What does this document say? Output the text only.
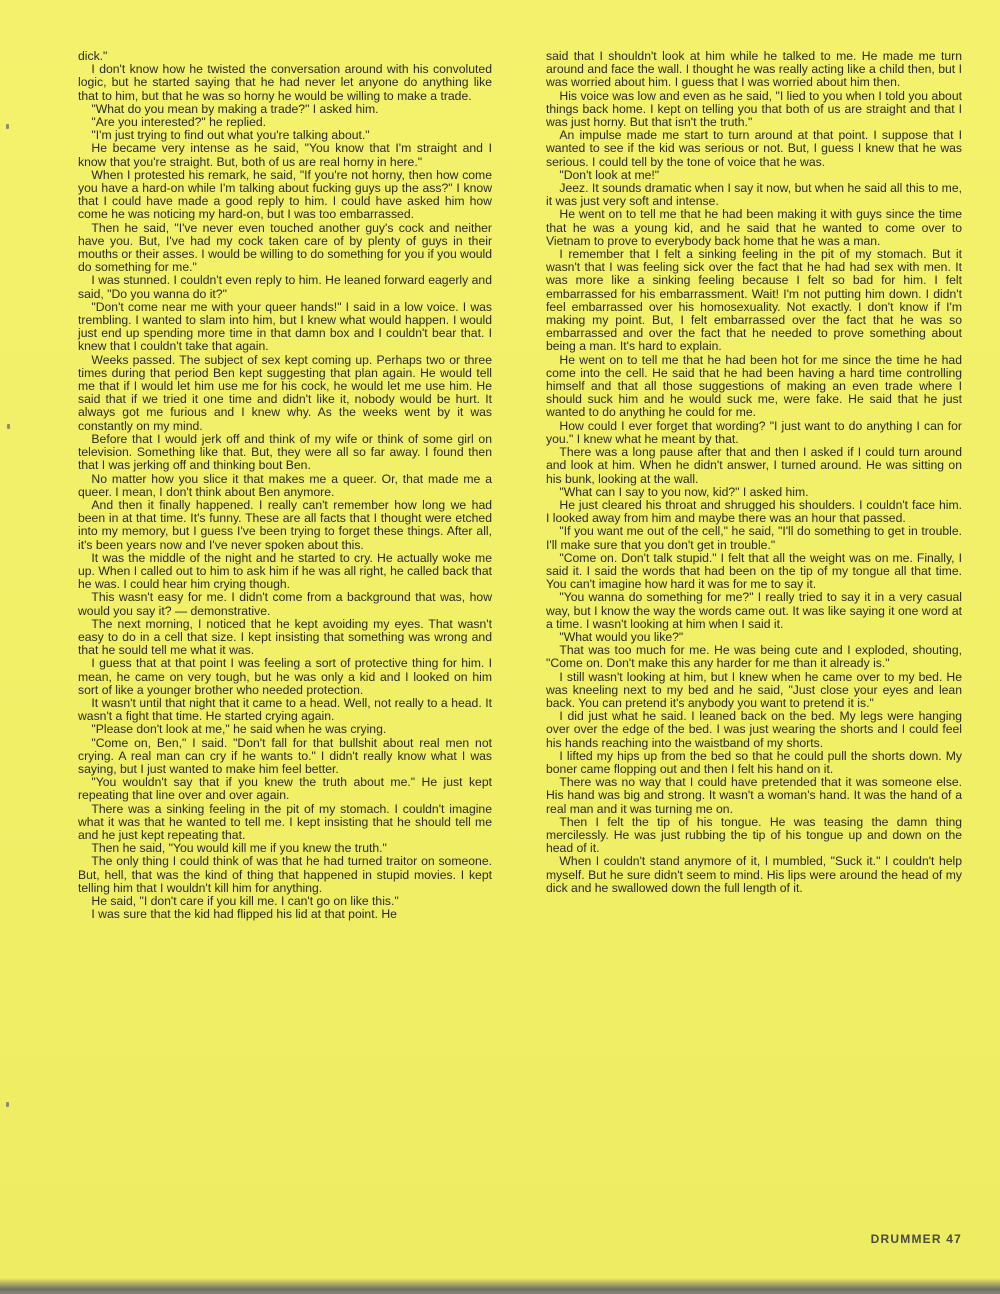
dick."

I don't know how he twisted the conversation around with his convoluted logic, but he started saying that he had never let anyone do anything like that to him, but that he was so horny he would be willing to make a trade.

"What do you mean by making a trade?" I asked him.

"Are you interested?" he replied.

"I'm just trying to find out what you're talking about."

He became very intense as he said, "You know that I'm straight and I know that you're straight. But, both of us are real horny in here."

When I protested his remark, he said, "If you're not horny, then how come you have a hard-on while I'm talking about fucking guys up the ass?" I know that I could have made a good reply to him. I could have asked him how come he was noticing my hard-on, but I was too embarrassed.

Then he said, "I've never even touched another guy's cock and neither have you. But, I've had my cock taken care of by plenty of guys in their mouths or their asses. I would be willing to do something for you if you would do something for me."

I was stunned. I couldn't even reply to him. He leaned forward eagerly and said, "Do you wanna do it?"

"Don't come near me with your queer hands!" I said in a low voice. I was trembling. I wanted to slam into him, but I knew what would happen. I would just end up spending more time in that damn box and I couldn't bear that. I knew that I couldn't take that again.

Weeks passed. The subject of sex kept coming up. Perhaps two or three times during that period Ben kept suggesting that plan again. He would tell me that if I would let him use me for his cock, he would let me use him. He said that if we tried it one time and didn't like it, nobody would be hurt. It always got me furious and I knew why. As the weeks went by it was constantly on my mind.

Before that I would jerk off and think of my wife or think of some girl on television. Something like that. But, they were all so far away. I found then that I was jerking off and thinking bout Ben.

No matter how you slice it that makes me a queer. Or, that made me a queer. I mean, I don't think about Ben anymore.

And then it finally happened. I really can't remember how long we had been in at that time. It's funny. These are all facts that I thought were etched into my memory, but I guess I've been trying to forget these things. After all, it's been years now and I've never spoken about this.

It was the middle of the night and he started to cry. He actually woke me up. When I called out to him to ask him if he was all right, he called back that he was. I could hear him crying though.

This wasn't easy for me. I didn't come from a background that was, how would you say it? — demonstrative.

The next morning, I noticed that he kept avoiding my eyes. That wasn't easy to do in a cell that size. I kept insisting that something was wrong and that he sould tell me what it was.

I guess that at that point I was feeling a sort of protective thing for him. I mean, he came on very tough, but he was only a kid and I looked on him sort of like a younger brother who needed protection.

It wasn't until that night that it came to a head. Well, not really to a head. It wasn't a fight that time. He started crying again.

"Please don't look at me," he said when he was crying.

"Come on, Ben," I said. "Don't fall for that bullshit about real men not crying. A real man can cry if he wants to." I didn't really know what I was saying, but I just wanted to make him feel better.

"You wouldn't say that if you knew the truth about me." He just kept repeating that line over and over again.

There was a sinking feeling in the pit of my stomach. I couldn't imagine what it was that he wanted to tell me. I kept insisting that he should tell me and he just kept repeating that.

Then he said, "You would kill me if you knew the truth."

The only thing I could think of was that he had turned traitor on someone. But, hell, that was the kind of thing that happened in stupid movies. I kept telling him that I wouldn't kill him for anything.

He said, "I don't care if you kill me. I can't go on like this."

I was sure that the kid had flipped his lid at that point. He

said that I shouldn't look at him while he talked to me. He made me turn around and face the wall. I thought he was really acting like a child then, but I was worried about him. I guess that I was worried about him then.

His voice was low and even as he said, "I lied to you when I told you about things back home. I kept on telling you that both of us are straight and that I was just horny. But that isn't the truth."

An impulse made me start to turn around at that point. I suppose that I wanted to see if the kid was serious or not. But, I guess I knew that he was serious. I could tell by the tone of voice that he was.

"Don't look at me!"

Jeez. It sounds dramatic when I say it now, but when he said all this to me, it was just very soft and intense.

He went on to tell me that he had been making it with guys since the time that he was a young kid, and he said that he wanted to come over to Vietnam to prove to everybody back home that he was a man.

I remember that I felt a sinking feeling in the pit of my stomach. But it wasn't that I was feeling sick over the fact that he had had sex with men. It was more like a sinking feeling because I felt so bad for him. I felt embarrassed for his embarrassment. Wait! I'm not putting him down. I didn't feel embarrassed over his homosexuality. Not exactly. I don't know if I'm making my point. But, I felt embarrassed over the fact that he was so embarrassed and over the fact that he needed to prove something about being a man. It's hard to explain.

He went on to tell me that he had been hot for me since the time he had come into the cell. He said that he had been having a hard time controlling himself and that all those suggestions of making an even trade where I should suck him and he would suck me, were fake. He said that he just wanted to do anything he could for me.

How could I ever forget that wording? "I just want to do anything I can for you." I knew what he meant by that.

There was a long pause after that and then I asked if I could turn around and look at him. When he didn't answer, I turned around. He was sitting on his bunk, looking at the wall.

"What can I say to you now, kid?" I asked him.

He just cleared his throat and shrugged his shoulders. I couldn't face him. I looked away from him and maybe there was an hour that passed.

"If you want me out of the cell," he said, "I'll do something to get in trouble. I'll make sure that you don't get in trouble."

"Come on. Don't talk stupid." I felt that all the weight was on me. Finally, I said it. I said the words that had been on the tip of my tongue all that time. You can't imagine how hard it was for me to say it.

"You wanna do something for me?" I really tried to say it in a very casual way, but I know the way the words came out. It was like saying it one word at a time. I wasn't looking at him when I said it.

"What would you like?"

That was too much for me. He was being cute and I exploded, shouting, "Come on. Don't make this any harder for me than it already is."

I still wasn't looking at him, but I knew when he came over to my bed. He was kneeling next to my bed and he said, "Just close your eyes and lean back. You can pretend it's anybody you want to pretend it is."

I did just what he said. I leaned back on the bed. My legs were hanging over over the edge of the bed. I was just wearing the shorts and I could feel his hands reaching into the waistband of my shorts.

I lifted my hips up from the bed so that he could pull the shorts down. My boner came flopping out and then I felt his hand on it.

There was no way that I could have pretended that it was someone else. His hand was big and strong. It wasn't a woman's hand. It was the hand of a real man and it was turning me on.

Then I felt the tip of his tongue. He was teasing the damn thing mercilessly. He was just rubbing the tip of his tongue up and down on the head of it.

When I couldn't stand anymore of it, I mumbled, "Suck it." I couldn't help myself. But he sure didn't seem to mind. His lips were around the head of my dick and he swallowed down the full length of it.

DRUMMER 47
